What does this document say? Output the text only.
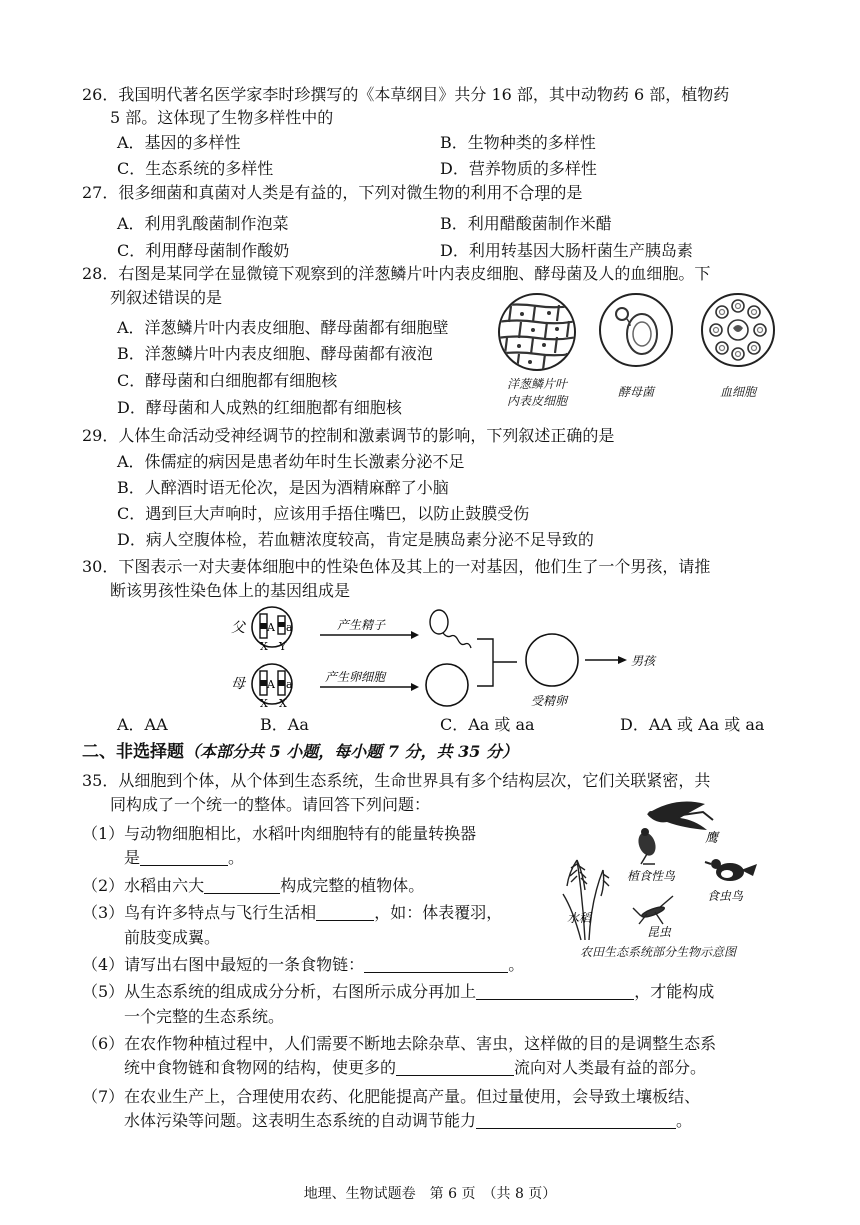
26．我国明代著名医学家李时珍撰写的《本草纲目》共分 16 部，其中动物药 6 部，植物药
5 部。这体现了生物多样性中的
A．基因的多样性	B．生物种类的多样性
C．生态系统的多样性	D．营养物质的多样性
27．很多细菌和真菌对人类是有益的，下列对微生物的利用不合理的是
A．利用乳酸菌制作泡菜	B．利用醋酸菌制作米醋
C．利用酵母菌制作酸奶	D．利用转基因大肠杆菌生产胰岛素
28．右图是某同学在显微镜下观察到的洋葱鳞片叶内表皮细胞、酵母菌及人的血细胞。下
列叙述错误的是
A．洋葱鳞片叶内表皮细胞、酵母菌都有细胞壁
B．洋葱鳞片叶内表皮细胞、酵母菌都有液泡
C．酵母菌和白细胞都有细胞核
D．酵母菌和人成熟的红细胞都有细胞核
洋葱鳞片叶
内表皮细胞
酵母菌	血细胞
29．人体生命活动受神经调节的控制和激素调节的影响，下列叙述正确的是
A．侏儒症的病因是患者幼年时生长激素分泌不足
B．人醉酒时语无伦次，是因为酒精麻醉了小脑
C．遇到巨大声响时，应该用手捂住嘴巴，以防止鼓膜受伤
D．病人空腹体检，若血糖浓度较高，肯定是胰岛素分泌不足导致的
30．下图表示一对夫妻体细胞中的性染色体及其上的一对基因，他们生了一个男孩，请推
断该男孩性染色体上的基因组成是
父 A a
X Y
产生精子
母 A a
X X
产生卵细胞
受精卵
男孩
A．AA	B．Aa	C．Aa 或 aa	D．AA 或 Aa 或 aa
二、非选择题（本部分共 5 小题，每小题 7 分，共 35 分）
35．从细胞到个体，从个体到生态系统，生命世界具有多个结构层次，它们关联紧密，共
同构成了一个统一的整体。请回答下列问题：
（1）与动物细胞相比，水稻叶肉细胞特有的能量转换器
是	。
（2）水稻由六大	构成完整的植物体。
（3）鸟有许多特点与飞行生活相	，如：体表覆羽，
前肢变成翼。
（4）请写出右图中最短的一条食物链：	。
（5）从生态系统的组成成分分析，右图所示成分再加上	，才能构成
一个完整的生态系统。
（6）在农作物种植过程中，人们需要不断地去除杂草、害虫，这样做的目的是调整生态系
统中食物链和食物网的结构，使更多的	流向对人类最有益的部分。
（7）在农业生产上，合理使用农药、化肥能提高产量。但过量使用，会导致土壤板结、
水体污染等问题。这表明生态系统的自动调节能力	。
鹰
植食性鸟
食虫鸟
水稻
昆虫
农田生态系统部分生物示意图
地理、生物试题卷　第 6 页　（共 8 页）
